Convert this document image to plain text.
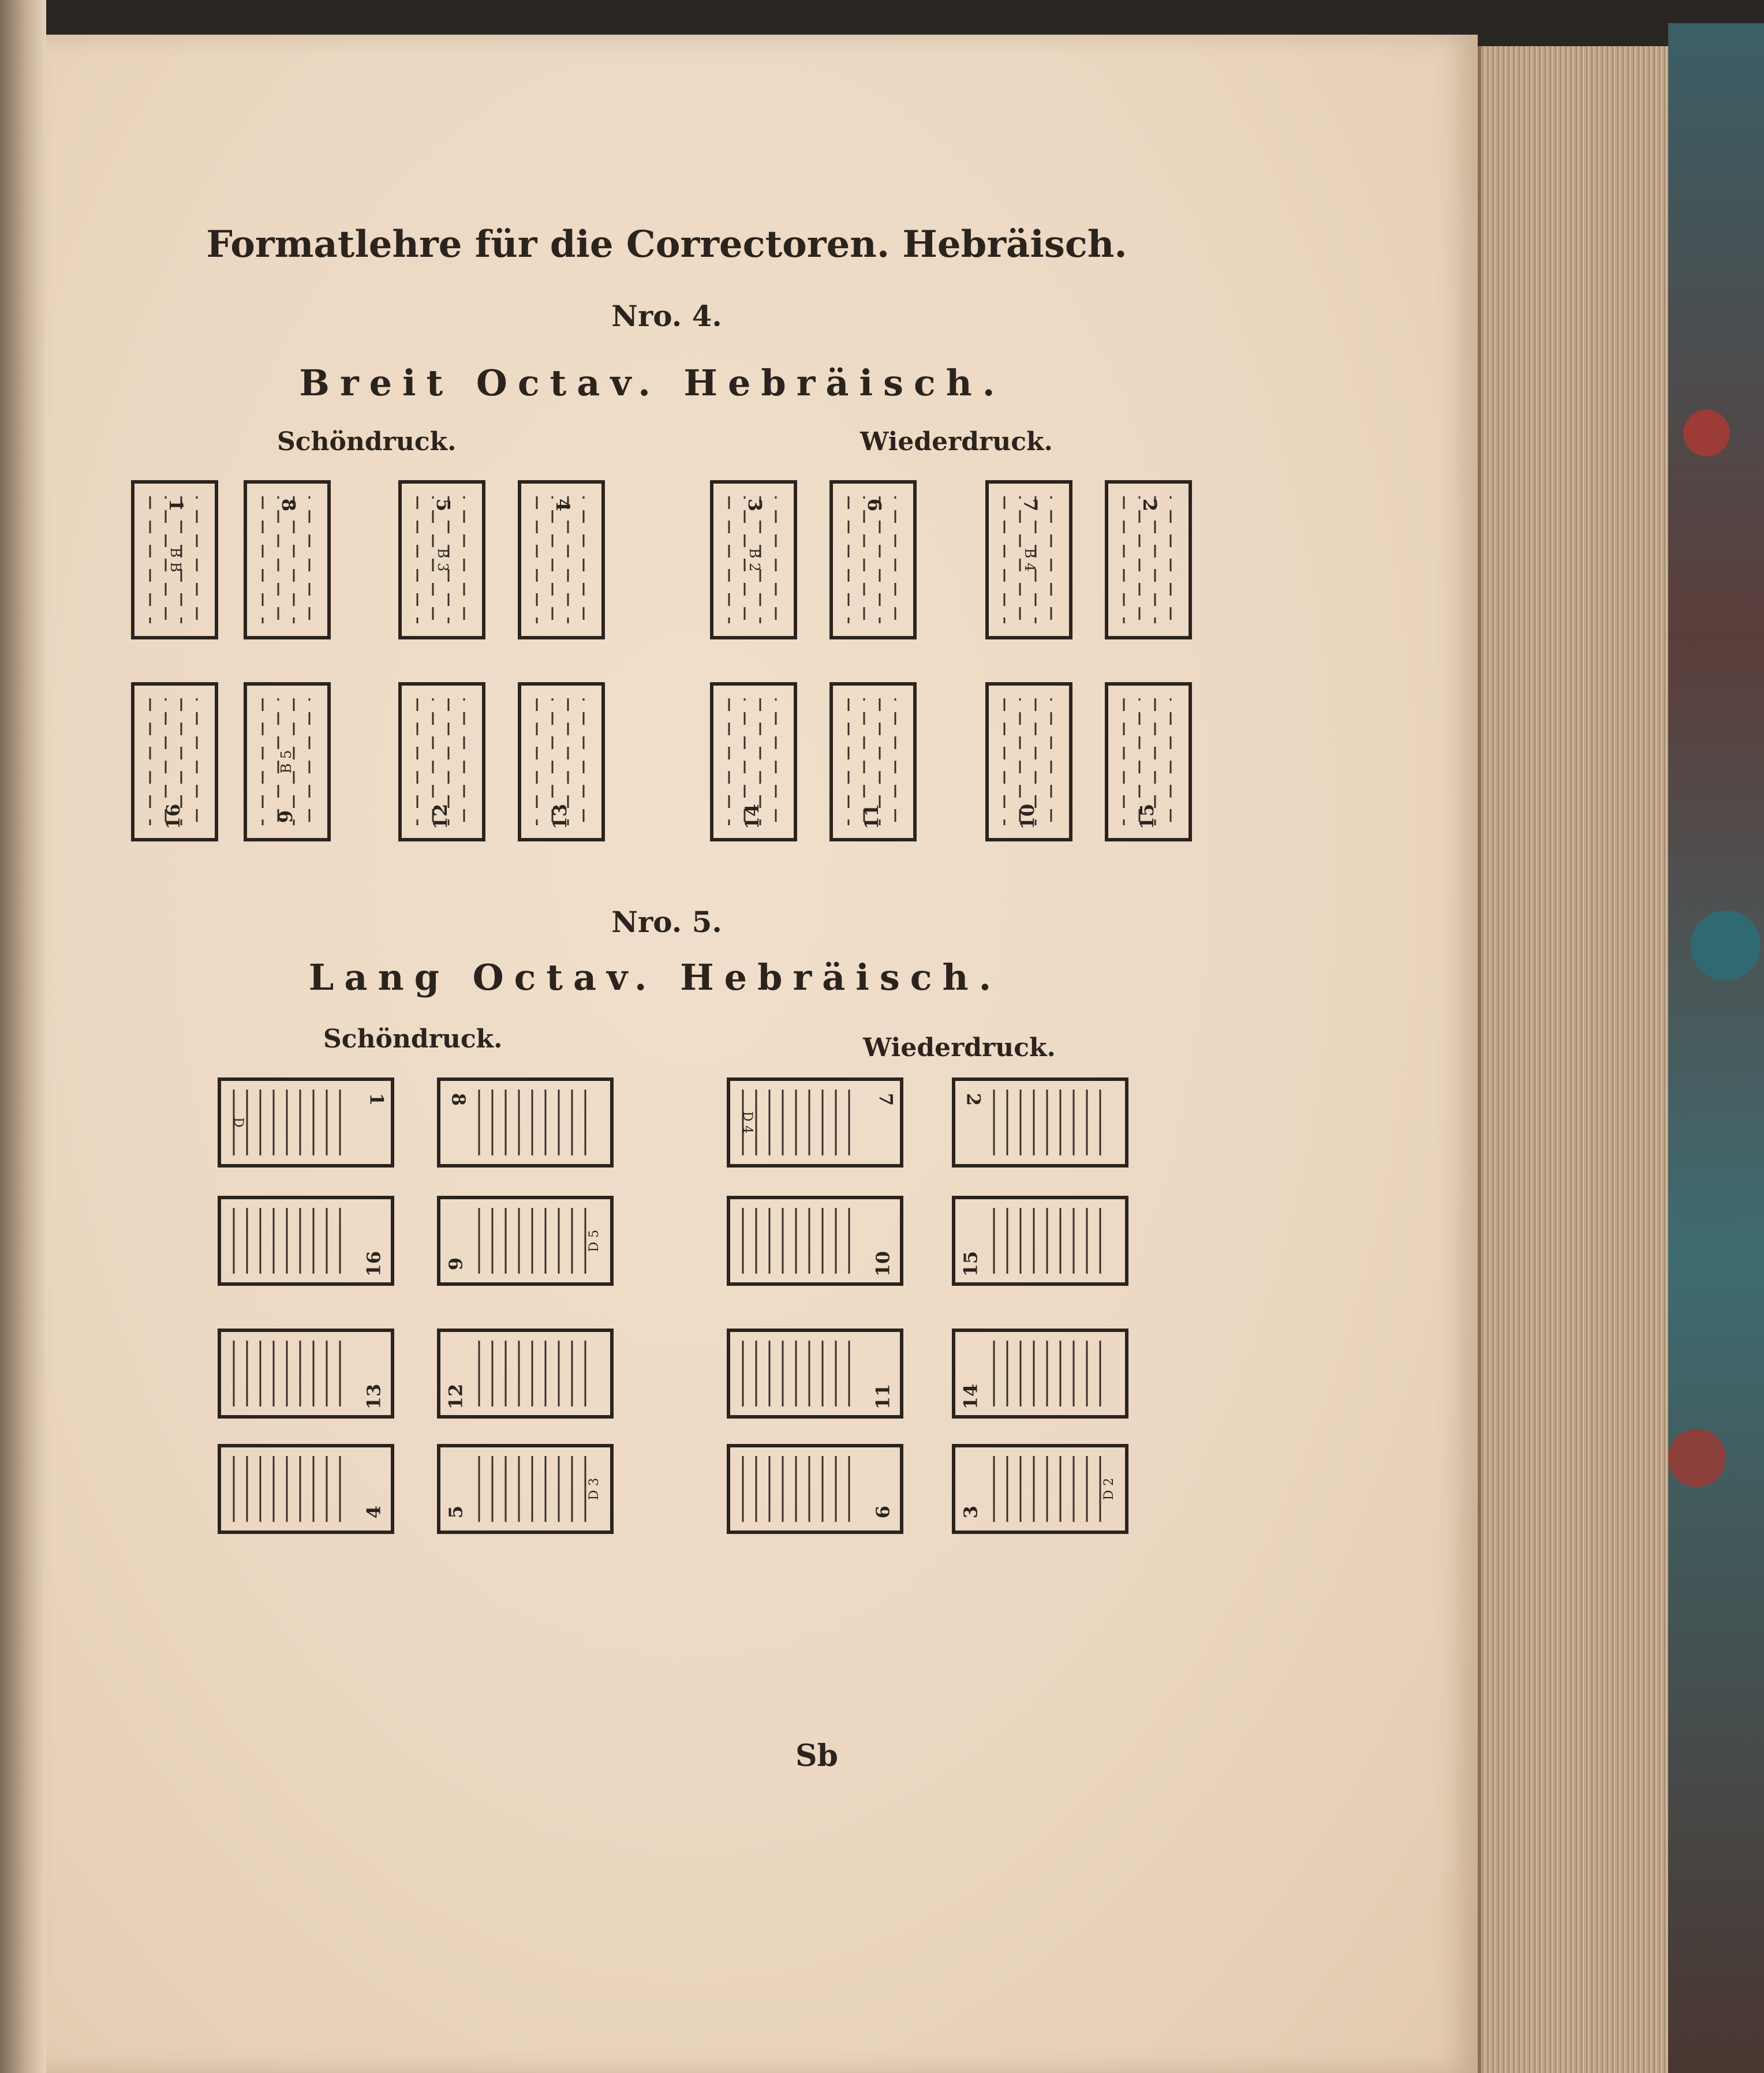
Formatlehre für die Correctoren. Hebräisch.
Nro. 4.
Breit Octav. Hebräisch.
Schöndruck.	Wiederdruck.
1
B B
8	5
B 3
4	3
B 2
6	7
B 4
2
16	9
B 5
12	13	14	11	10	15
Nro. 5.
Lang Octav. Hebräisch.
Schöndruck.	Wiederdruck.
1
D
8	7
D 4
2
16	9
D 5
10	15
13	12	11	14
4	5
D 3
6	3
D 2
Sb
